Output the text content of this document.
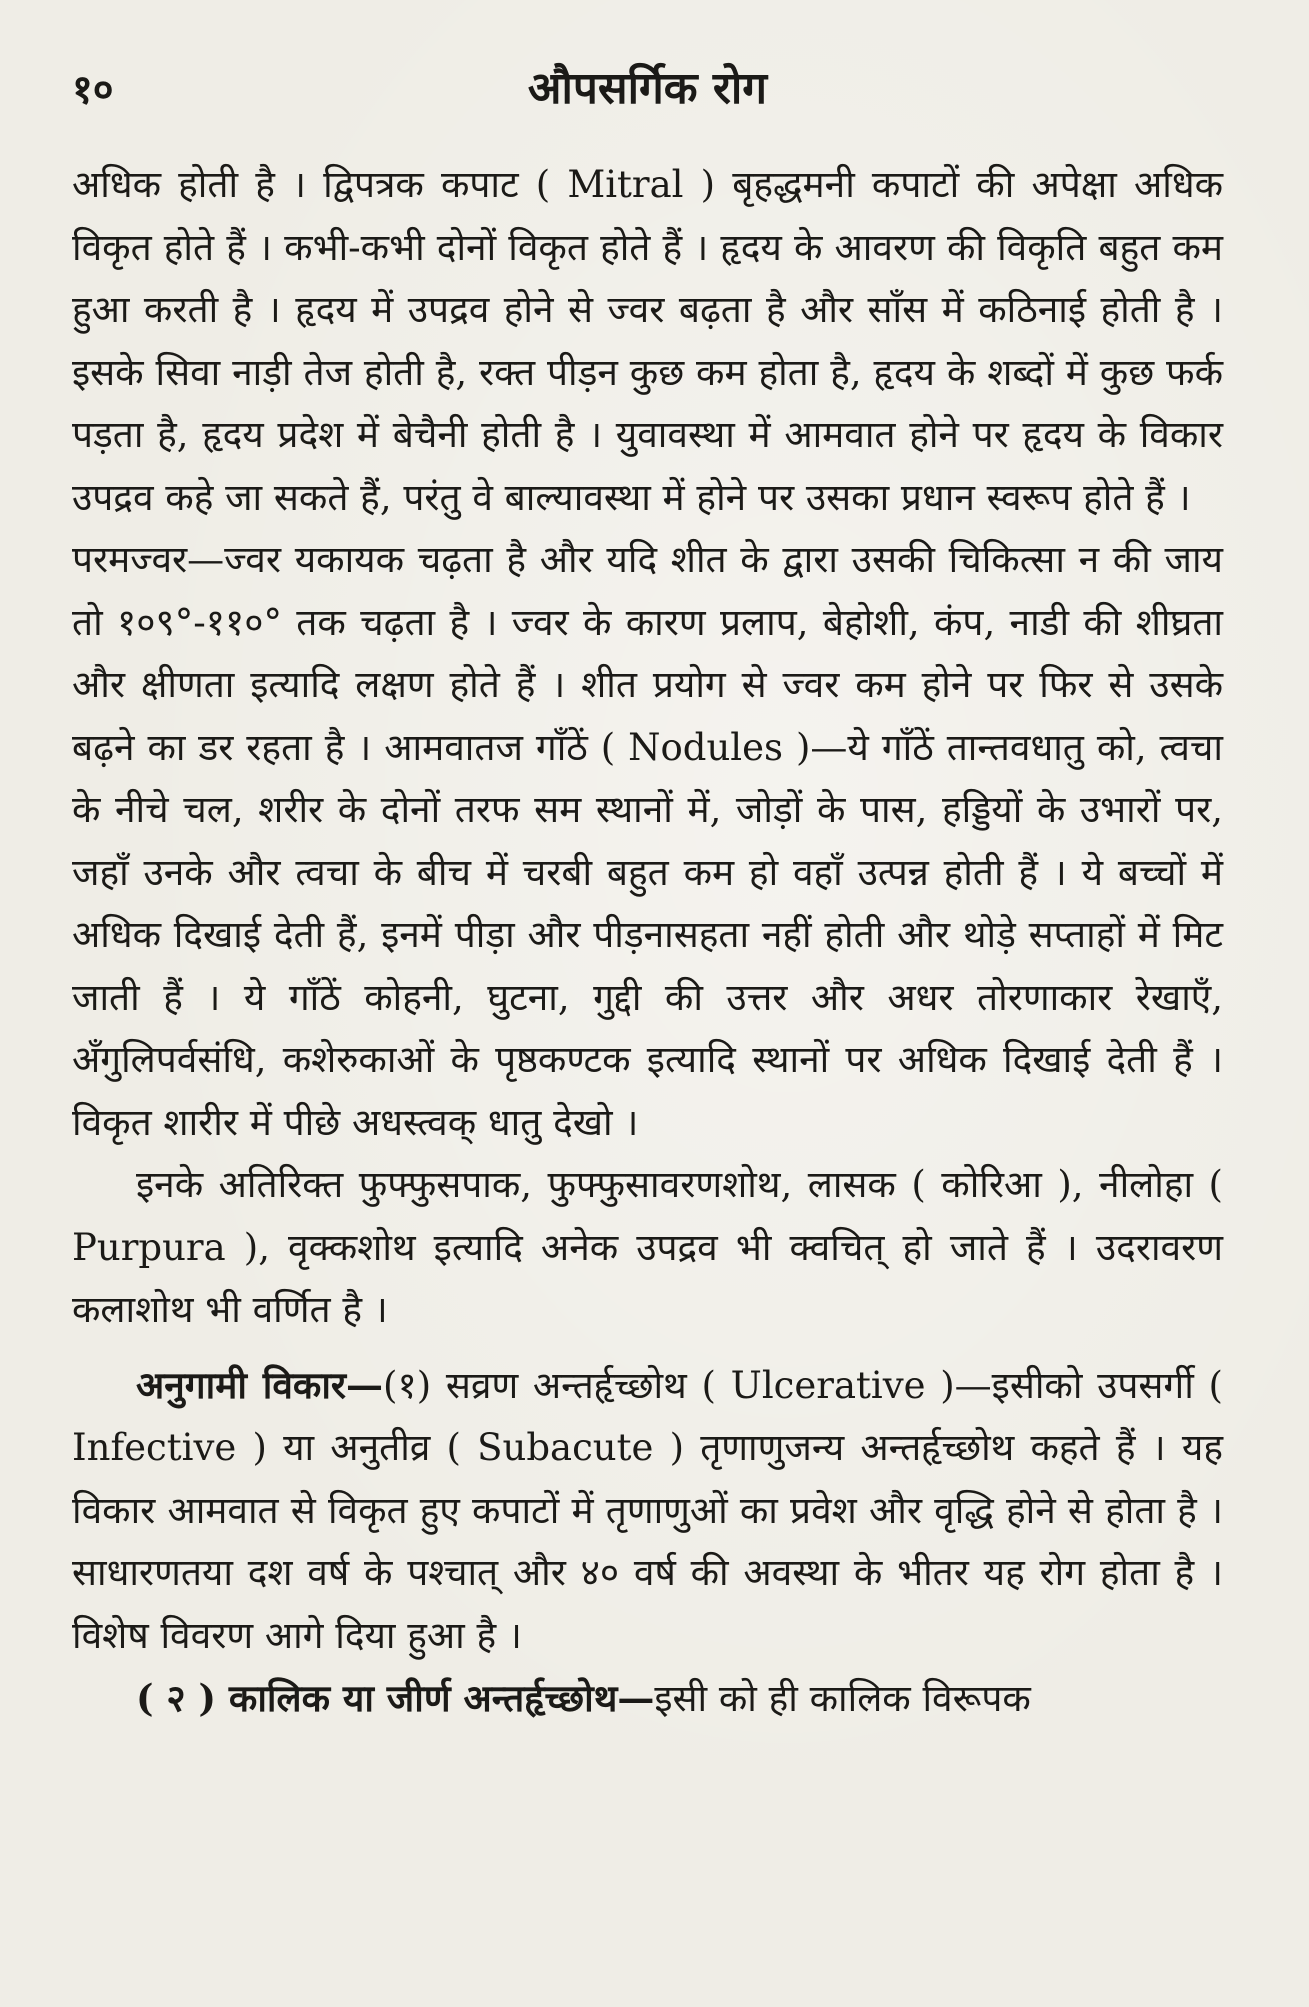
१०	औपसर्गिक रोग

अधिक होती है । द्विपत्रक कपाट ( Mitral ) बृहद्धमनी कपाटों की अपेक्षा अधिक विकृत होते हैं । कभी-कभी दोनों विकृत होते हैं । हृदय के आवरण की विकृति बहुत कम हुआ करती है । हृदय में उपद्रव होने से ज्वर बढ़ता है और साँस में कठिनाई होती है । इसके सिवा नाड़ी तेज होती है, रक्त पीड़न कुछ कम होता है, हृदय के शब्दों में कुछ फर्क पड़ता है, हृदय प्रदेश में बेचैनी होती है । युवावस्था में आमवात होने पर हृदय के विकार उपद्रव कहे जा सकते हैं, परंतु वे बाल्यावस्था में होने पर उसका प्रधान स्वरूप होते हैं ।

परमज्वर—ज्वर यकायक चढ़ता है और यदि शीत के द्वारा उसकी चिकित्सा न की जाय तो १०९°-११०° तक चढ़ता है । ज्वर के कारण प्रलाप, बेहोशी, कंप, नाडी की शीघ्रता और क्षीणता इत्यादि लक्षण होते हैं । शीत प्रयोग से ज्वर कम होने पर फिर से उसके बढ़ने का डर रहता है । आमवातज गाँठें ( Nodules )—ये गाँठें तान्तवधातु को, त्वचा के नीचे चल, शरीर के दोनों तरफ सम स्थानों में, जोड़ों के पास, हड्डियों के उभारों पर, जहाँ उनके और त्वचा के बीच में चरबी बहुत कम हो वहाँ उत्पन्न होती हैं । ये बच्चों में अधिक दिखाई देती हैं, इनमें पीड़ा और पीड़नासहता नहीं होती और थोड़े सप्ताहों में मिट जाती हैं । ये गाँठें कोहनी, घुटना, गुद्दी की उत्तर और अधर तोरणाकार रेखाएँ, अँगुलिपर्वसंधि, कशेरुकाओं के पृष्ठकण्टक इत्यादि स्थानों पर अधिक दिखाई देती हैं । विकृत शारीर में पीछे अधस्त्वक् धातु देखो ।

इनके अतिरिक्त फुफ्फुसपाक, फुफ्फुसावरणशोथ, लासक ( कोरिआ ), नीलोहा ( Purpura ), वृक्कशोथ इत्यादि अनेक उपद्रव भी क्वचित् हो जाते हैं । उदरावरण कलाशोथ भी वर्णित है ।

अनुगामी विकार—(१) सव्रण अन्तर्हृच्छोथ ( Ulcerative )—इसीको उपसर्गी ( Infective ) या अनुतीव्र ( Subacute ) तृणाणुजन्य अन्तर्हृच्छोथ कहते हैं । यह विकार आमवात से विकृत हुए कपाटों में तृणाणुओं का प्रवेश और वृद्धि होने से होता है । साधारणतया दश वर्ष के पश्चात् और ४० वर्ष की अवस्था के भीतर यह रोग होता है । विशेष विवरण आगे दिया हुआ है ।

( २ ) कालिक या जीर्ण अन्तर्हृच्छोथ—इसी को ही कालिक विरूपक
